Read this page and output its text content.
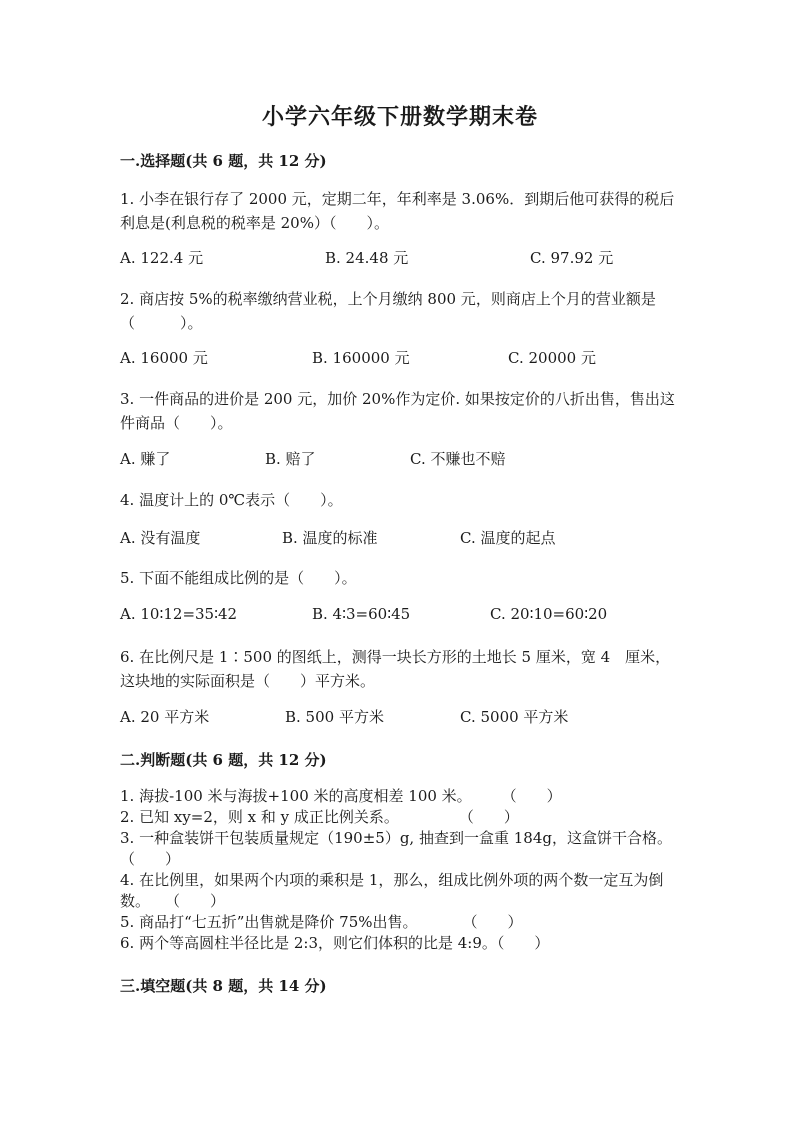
小学六年级下册数学期末卷
一.选择题(共 6 题，共 12 分)
1. 小李在银行存了 2000 元，定期二年，年利率是 3.06%．到期后他可获得的税后利息是(利息税的税率是 20%）（　　）。
A. 122.4 元	B. 24.48 元	C. 97.92 元
2. 商店按 5%的税率缴纳营业税，上个月缴纳 800 元，则商店上个月的营业额是（　　　）。
A. 16000 元	B. 160000 元	C. 20000 元
3. 一件商品的进价是 200 元，加价 20%作为定价. 如果按定价的八折出售，售出这件商品（　　）。
A. 赚了	B. 赔了	C. 不赚也不赔
4. 温度计上的 0℃表示（　　）。
A. 没有温度	B. 温度的标准	C. 温度的起点
5. 下面不能组成比例的是（　　）。
A. 10∶12=35∶42	B. 4∶3=60∶45	C. 20∶10=60∶20
6. 在比例尺是 1∶500 的图纸上，测得一块长方形的土地长 5 厘米，宽 4　厘米，这块地的实际面积是（　　）平方米。
A. 20 平方米	B. 500 平方米	C. 5000 平方米
二.判断题(共 6 题，共 12 分)
1. 海拔-100 米与海拔+100 米的高度相差 100 米。　　　（　　）
2. 已知 xy=2，则 x 和 y 成正比例关系。　　　　　（　　）
3. 一种盒装饼干包装质量规定（190±5）g, 抽查到一盒重 184g，这盒饼干合格。（　　）
4. 在比例里，如果两个内项的乘积是 1，那么，组成比例外项的两个数一定互为倒数。　　（　　）
5. 商品打“七五折”出售就是降价 75%出售。　　　　（　　）
6. 两个等高圆柱半径比是 2:3，则它们体积的比是 4:9。（　　）
三.填空题(共 8 题，共 14 分)
